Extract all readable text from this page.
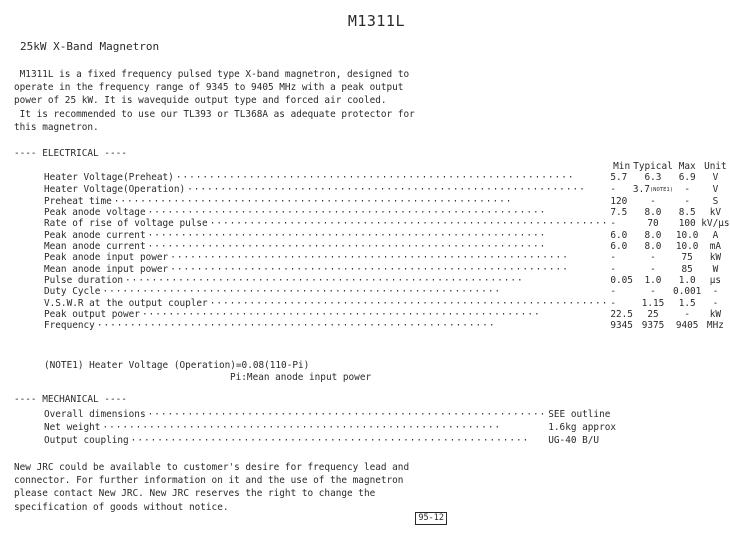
M1311L
25kW X-Band Magnetron

M1311L is a fixed frequency pulsed type X-band magnetron, designed to
operate in the frequency range of 9345 to 9405 MHz with a peak output
power of 25 kW. It is wavequide output type and forced air cooled.
It is recommended to use our TL393 or TL368A as adequate protector for
this magnetron.

---- ELECTRICAL ----
	Min	Typical	Max	Unit

Heater Voltage(Preheat) ····························································	5.7	6.3	6.9	V

Heater Voltage(Operation) ····························································	-	3.7(NOTE1)	-	V

Preheat time ····························································	120	-	-	S

Peak anode voltage ····························································	7.5	8.0	8.5	kV

Rate of rise of voltage pulse ····························································	-	70	100	kV/µs

Peak anode current ····························································	6.0	8.0	10.0	A

Mean anode current ····························································	6.0	8.0	10.0	mA

Peak anode input power ····························································	-	-	75	kW

Mean anode input power ····························································	-	-	85	W

Pulse duration ····························································	0.05	1.0	1.0	µs

Duty Cycle ····························································	-	-	0.001	-

V.S.W.R at the output coupler ····························································	-	1.15	1.5	-

Peak output power ····························································	22.5	25	-	kW

Frequency ····························································	9345	9375	9405	MHz
(NOTE1) Heater Voltage (Operation)=0.08(110-Pi)
Pi:Mean anode input power
---- MECHANICAL ----
Overall dimensions ····························································	SEE outline

Net weight ····························································	1.6kg approx

Output coupling ····························································	UG-40 B/U

New JRC could be available to customer's desire for frequency lead and
connector. For further information on it and the use of the magnetron
please contact New JRC. New JRC reserves the right to change the
specification of goods without notice.

95-12
